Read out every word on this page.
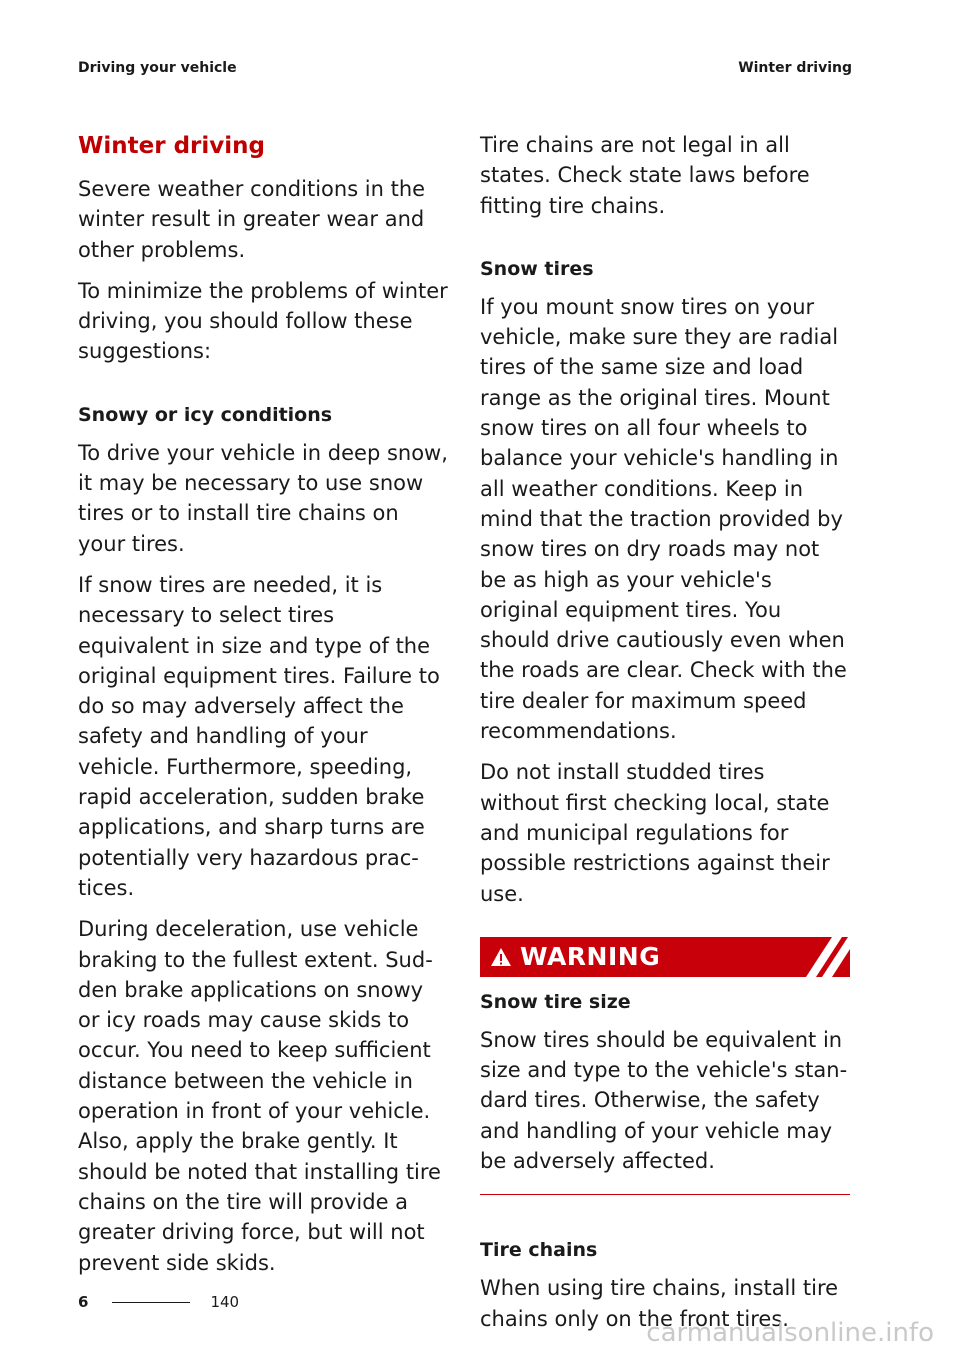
Driving your vehicle	Winter driving
Winter driving

Severe weather conditions in the winter result in greater wear and other problems.

To minimize the problems of winter driving, you should follow these suggestions:

Snowy or icy conditions

To drive your vehicle in deep snow, it may be necessary to use snow tires or to install tire chains on your tires.

If snow tires are needed, it is necessary to select tires equivalent in size and type of the original equipment tires. Failure to do so may adversely affect the safety and handling of your vehicle. Furthermore, speeding, rapid acceleration, sudden brake applications, and sharp turns are potentially very hazardous practices.

During deceleration, use vehicle braking to the fullest extent. Sudden brake applications on snowy or icy roads may cause skids to occur. You need to keep sufficient distance between the vehicle in operation in front of your vehicle. Also, apply the brake gently. It should be noted that installing tire chains on the tire will provide a greater driving force, but will not prevent side skids.

Tire chains are not legal in all states. Check state laws before fitting tire chains.

Snow tires

If you mount snow tires on your vehicle, make sure they are radial tires of the same size and load range as the original tires. Mount snow tires on all four wheels to balance your vehicle's handling in all weather conditions. Keep in mind that the traction provided by snow tires on dry roads may not be as high as your vehicle's original equipment tires. You should drive cautiously even when the roads are clear. Check with the tire dealer for maximum speed recommendations.

Do not install studded tires without first checking local, state and municipal regulations for possible restrictions against their use.

WARNING
Snow tire size

Snow tires should be equivalent in size and type to the vehicle's standard tires. Otherwise, the safety and handling of your vehicle may be adversely affected.

Tire chains

When using tire chains, install tire chains only on the front tires.

6	140
carmanualsonline.info
